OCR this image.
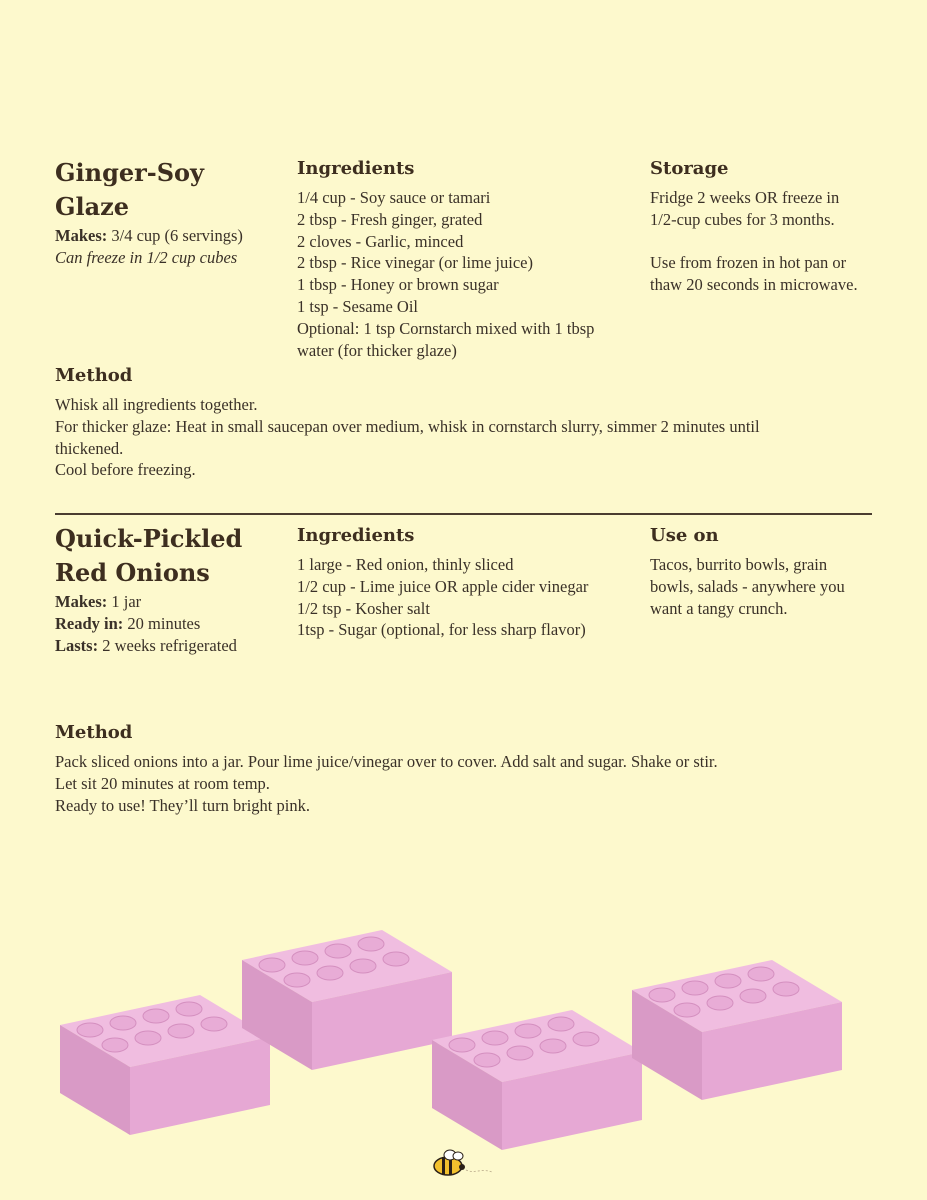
Ginger-Soy Glaze
Makes: 3/4 cup (6 servings)
Can freeze in 1/2 cup cubes
Ingredients
1/4 cup - Soy sauce or tamari
2 tbsp - Fresh ginger, grated
2 cloves - Garlic, minced
2 tbsp - Rice vinegar (or lime juice)
1 tbsp - Honey or brown sugar
1 tsp - Sesame Oil
Optional: 1 tsp Cornstarch mixed with 1 tbsp
water (for thicker glaze)
Storage
Fridge 2 weeks OR freeze in
1/2-cup cubes for 3 months.
Use from frozen in hot pan or
thaw 20 seconds in microwave.
Method
Whisk all ingredients together.
For thicker glaze: Heat in small saucepan over medium, whisk in cornstarch slurry, simmer 2 minutes until
thickened.
Cool before freezing.
Quick-Pickled
Red Onions
Makes: 1 jar
Ready in: 20 minutes
Lasts: 2 weeks refrigerated
Ingredients
1 large - Red onion, thinly sliced
1/2 cup - Lime juice OR apple cider vinegar
1/2 tsp - Kosher salt
1tsp - Sugar (optional, for less sharp flavor)
Use on
Tacos, burrito bowls, grain
bowls, salads - anywhere you
want a tangy crunch.
Method
Pack sliced onions into a jar. Pour lime juice/vinegar over to cover. Add salt and sugar. Shake or stir.
Let sit 20 minutes at room temp.
Ready to use! They’ll turn bright pink.
